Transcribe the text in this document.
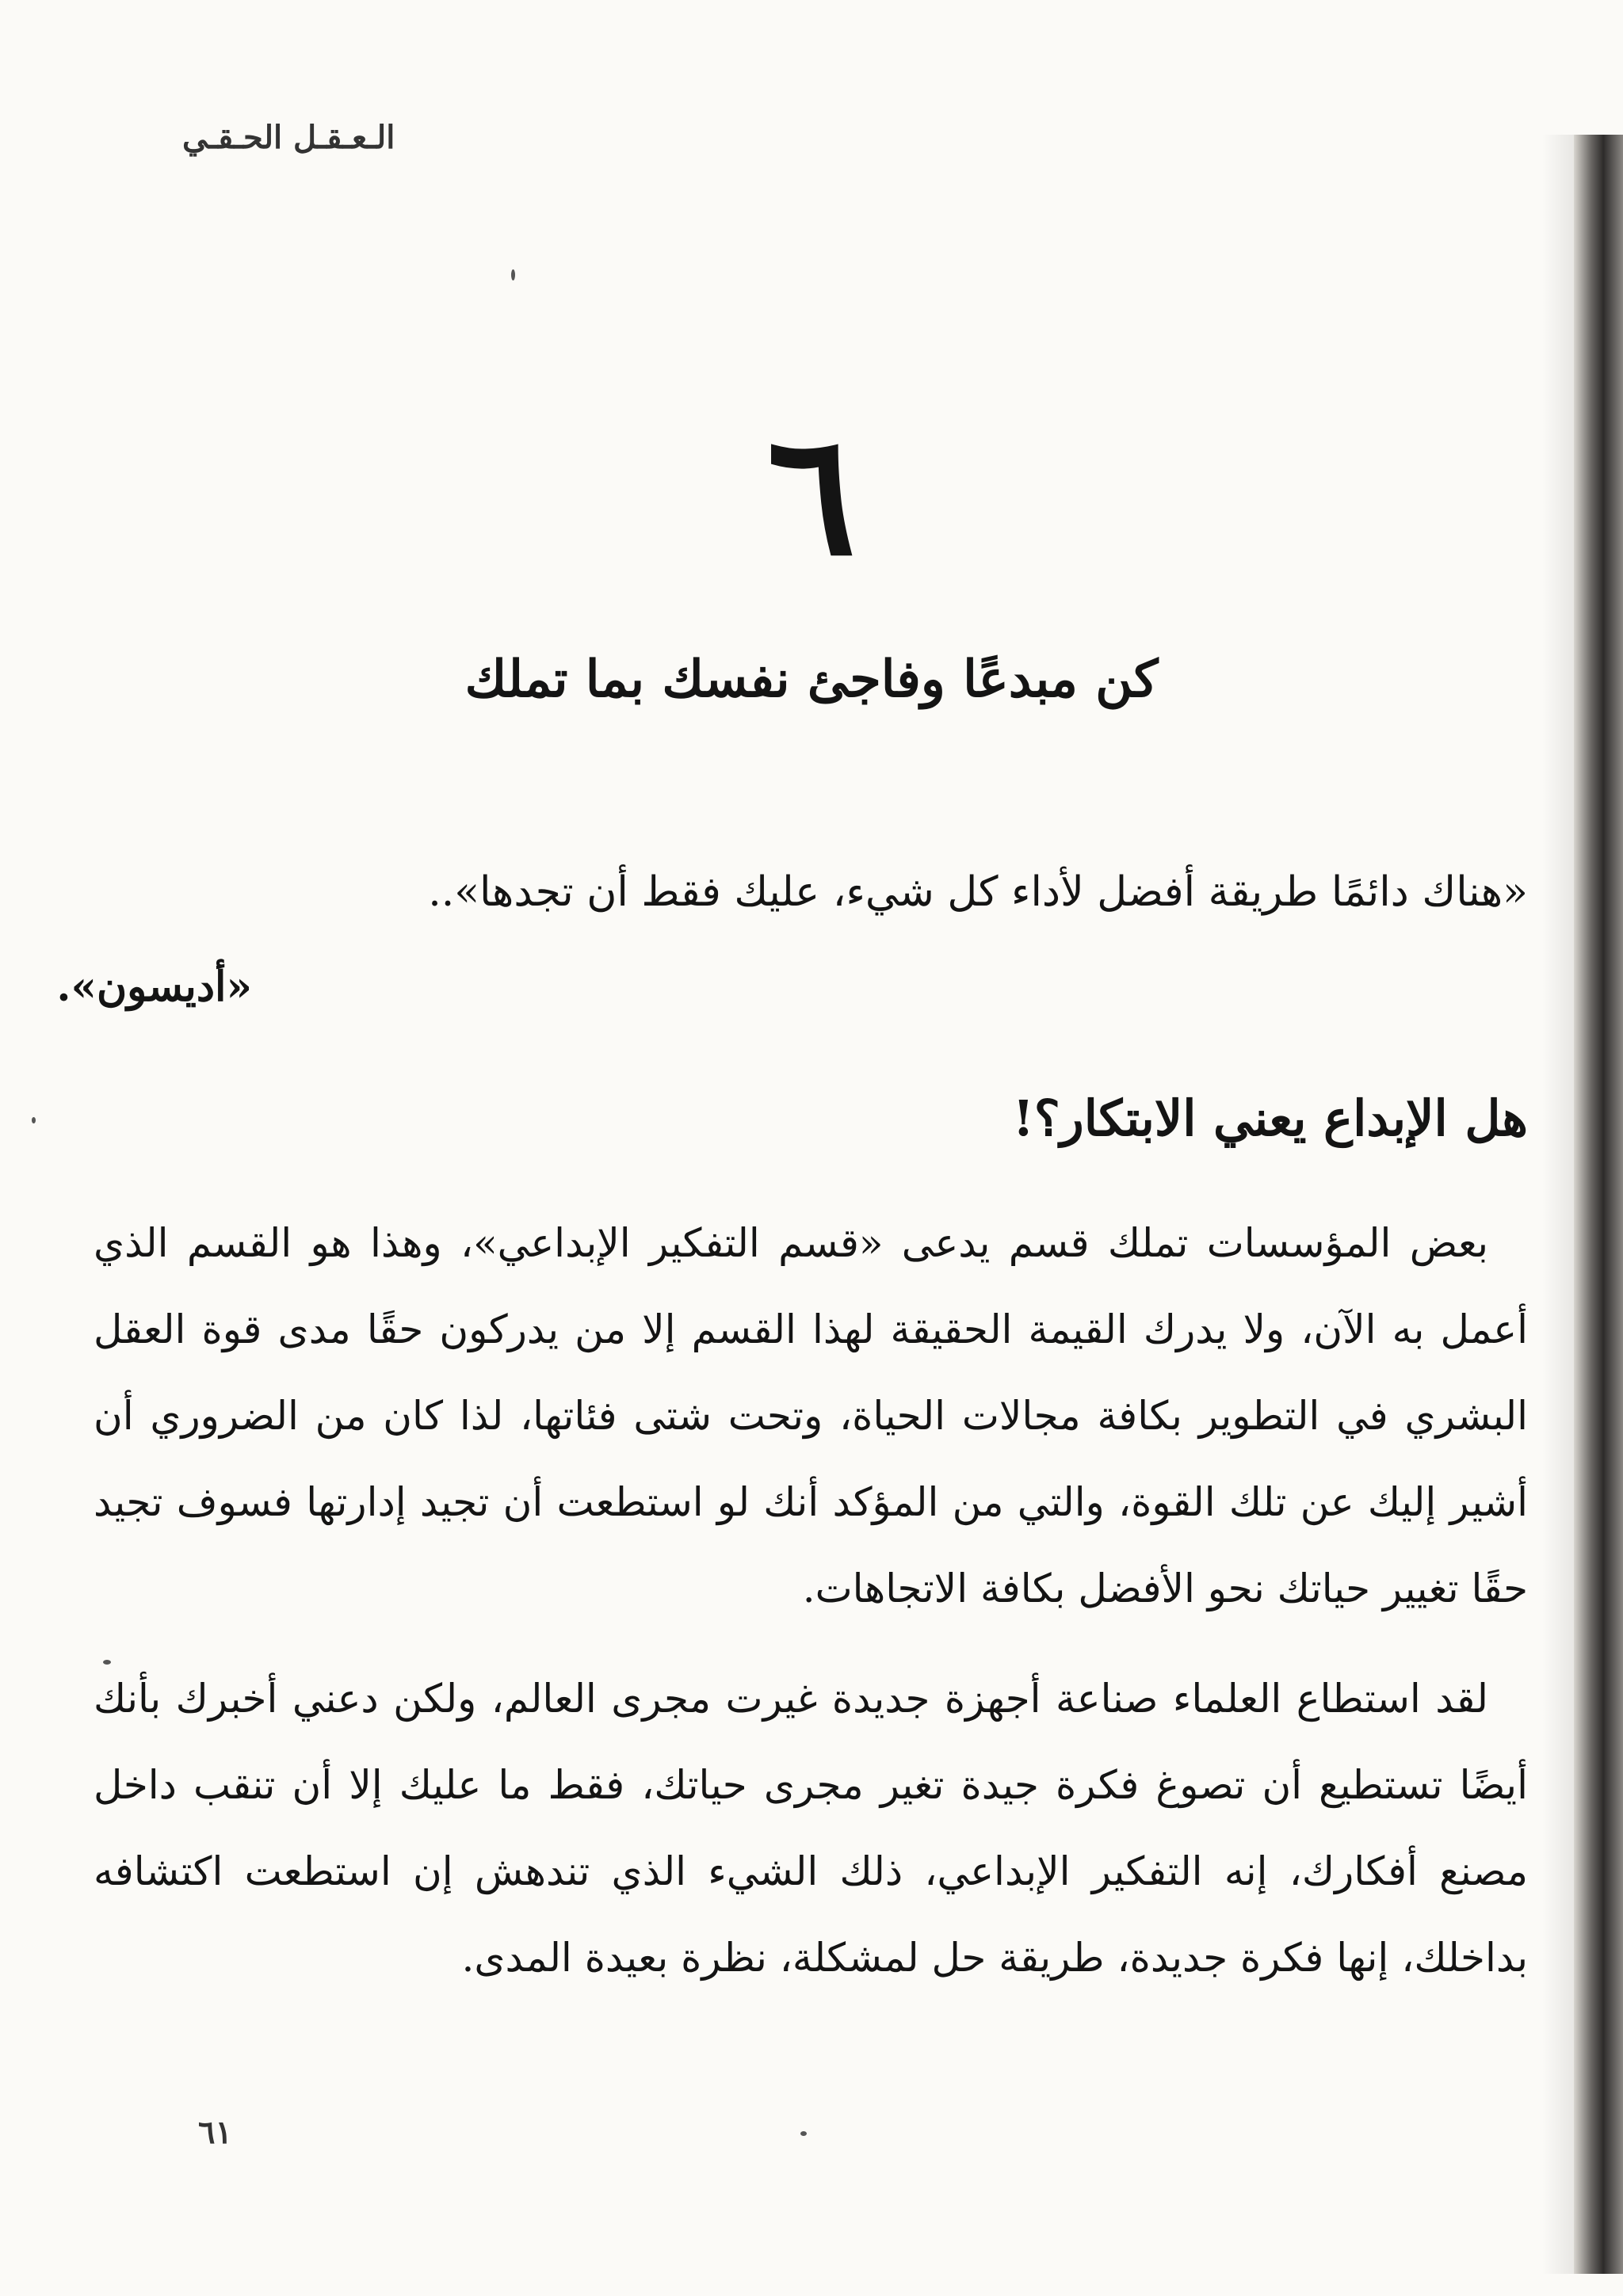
الـعـقـل الحـقـي
٦
كن مبدعًا وفاجئ نفسك بما تملك
«هناك دائمًا طريقة أفضل لأداء كل شيء، عليك فقط أن تجدها»..
«أديسون».
هل الإبداع يعني الابتكار؟!
بعض المؤسسات تملك قسم يدعى «قسم التفكير الإبداعي»، وهذا هو القسم الذي أعمل به الآن، ولا يدرك القيمة الحقيقة لهذا القسم إلا من يدركون حقًا مدى قوة العقل البشري في التطوير بكافة مجالات الحياة، وتحت شتى فئاتها، لذا كان من الضروري أن أشير إليك عن تلك القوة، والتي من المؤكد أنك لو استطعت أن تجيد إدارتها فسوف تجيد حقًا تغيير حياتك نحو الأفضل بكافة الاتجاهات.
لقد استطاع العلماء صناعة أجهزة جديدة غيرت مجرى العالم، ولكن دعني أخبرك بأنك أيضًا تستطيع أن تصوغ فكرة جيدة تغير مجرى حياتك، فقط ما عليك إلا أن تنقب داخل مصنع أفكارك، إنه التفكير الإبداعي، ذلك الشيء الذي تندهش إن استطعت اكتشافه بداخلك، إنها فكرة جديدة، طريقة حل لمشكلة، نظرة بعيدة المدى.
٦١
